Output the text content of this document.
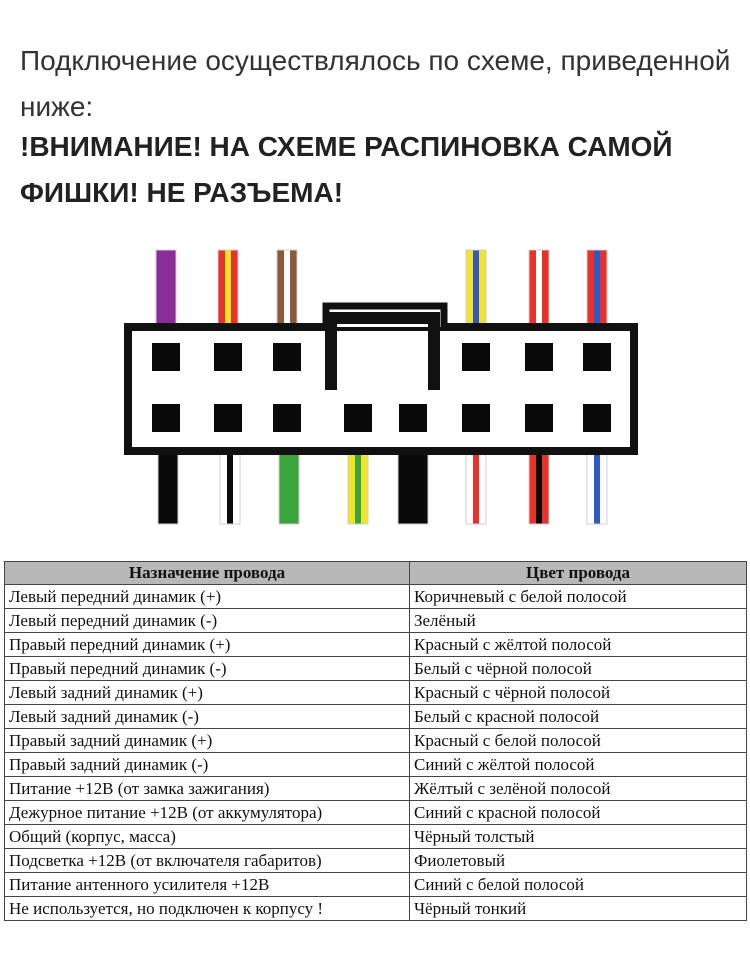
Подключение осуществлялось по схеме, приведенной ниже:
!ВНИМАНИЕ! НА СХЕМЕ РАСПИНОВКА САМОЙ ФИШКИ! НЕ РАЗЪЕМА!
Назначение провода	Цвет провода
Левый передний динамик (+)	Коричневый с белой полосой
Левый передний динамик (-)	Зелёный
Правый передний динамик (+)	Красный с жёлтой полосой
Правый передний динамик (-)	Белый с чёрной полосой
Левый задний динамик (+)	Красный с чёрной полосой
Левый задний динамик (-)	Белый с красной полосой
Правый задний динамик (+)	Красный с белой полосой
Правый задний динамик (-)	Синий с жёлтой полосой
Питание +12В (от замка зажигания)	Жёлтый с зелёной полосой
Дежурное питание +12В (от аккумулятора)	Синий с красной полосой
Общий (корпус, масса)	Чёрный толстый
Подсветка +12В (от включателя габаритов)	Фиолетовый
Питание антенного усилителя +12В	Синий с белой полосой
Не используется, но подключен к корпусу !	Чёрный тонкий
